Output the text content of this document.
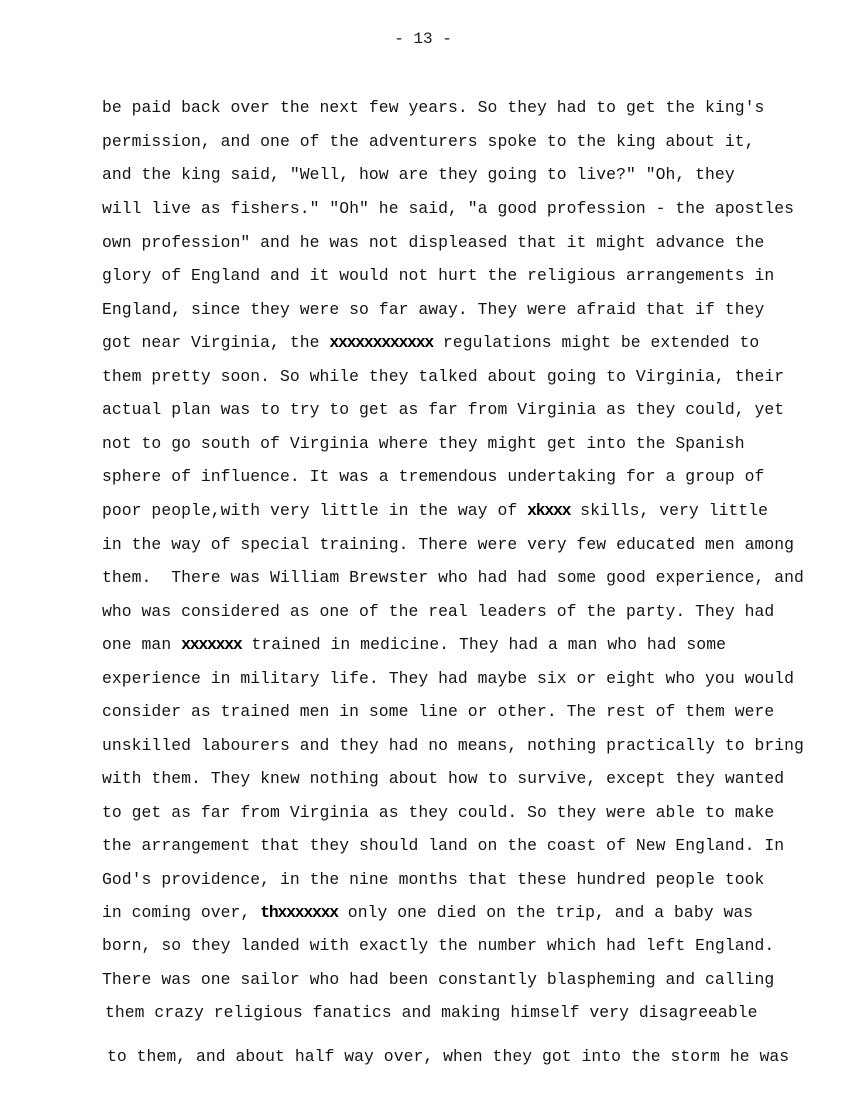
- 13 -
be paid back over the next few years. So they had to get the king's
permission, and one of the adventurers spoke to the king about it,
and the king said, "Well, how are they going to live?" "Oh, they
will live as fishers." "Oh" he said, "a good profession - the apostles
own profession" and he was not displeased that it might advance the
glory of England and it would not hurt the religious arrangements in
England, since they were so far away. They were afraid that if they
got near Virginia, the xxxxxxxxxxxx regulations might be extended to
them pretty soon. So while they talked about going to Virginia, their
actual plan was to try to get as far from Virginia as they could, yet
not to go south of Virginia where they might get into the Spanish
sphere of influence. It was a tremendous undertaking for a group of
poor people,with very little in the way of xkxxx skills, very little
in the way of special training. There were very few educated men among
them.  There was William Brewster who had had some good experience, and
who was considered as one of the real leaders of the party. They had
one man xxxxxxx trained in medicine. They had a man who had some
experience in military life. They had maybe six or eight who you would
consider as trained men in some line or other. The rest of them were
unskilled labourers and they had no means, nothing practically to bring
with them. They knew nothing about how to survive, except they wanted
to get as far from Virginia as they could. So they were able to make
the arrangement that they should land on the coast of New England. In
God's providence, in the nine months that these hundred people took
in coming over, thxxxxxxx only one died on the trip, and a baby was
born, so they landed with exactly the number which had left England.
There was one sailor who had been constantly blaspheming and calling
them crazy religious fanatics and making himself very disagreeable
to them, and about half way over, when they got into the storm he was
